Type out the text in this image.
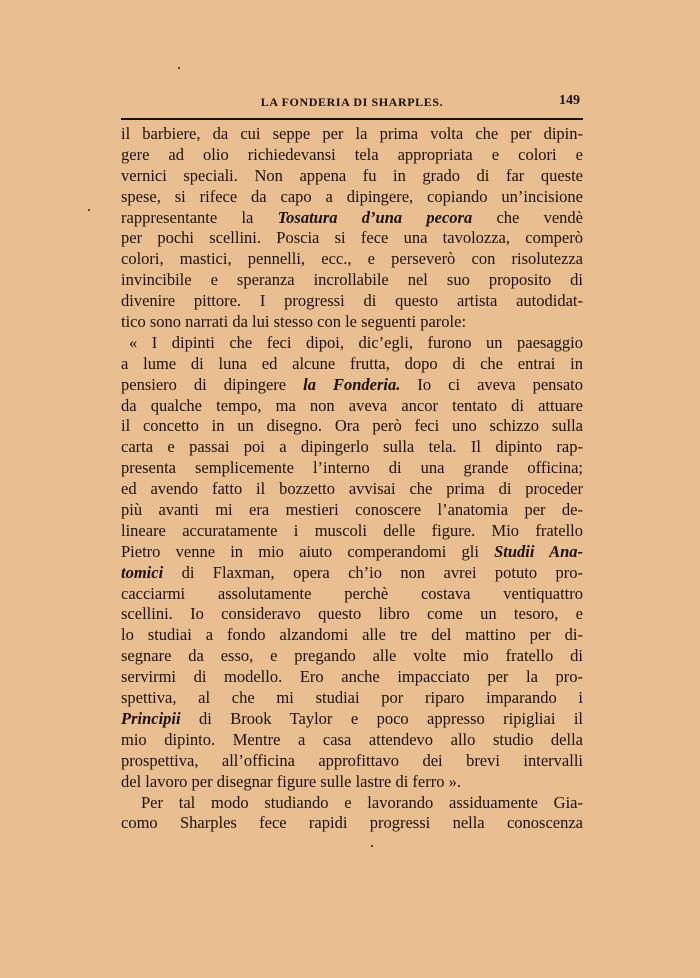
LA FONDERIA DI SHARPLES.	149
il barbiere, da cui seppe per la prima volta che per dipin-
gere ad olio richiedevansi tela appropriata e colori e
vernici speciali. Non appena fu in grado di far queste
spese, si rifece da capo a dipingere, copiando un’incisione
rappresentante la Tosatura d’una pecora che vendè
per pochi scellini. Poscia si fece una tavolozza, comperò
colori, mastici, pennelli, ecc., e perseverò con risolutezza
invincibile e speranza incrollabile nel suo proposito di
divenire pittore. I progressi di questo artista autodidat-
tico sono narrati da lui stesso con le seguenti parole:
« I dipinti che feci dipoi, dic’egli, furono un paesaggio
a lume di luna ed alcune frutta, dopo di che entrai in
pensiero di dipingere la Fonderia. Io ci aveva pensato
da qualche tempo, ma non aveva ancor tentato di attuare
il concetto in un disegno. Ora però feci uno schizzo sulla
carta e passai poi a dipingerlo sulla tela. Il dipinto rap-
presenta semplicemente l’interno di una grande officina;
ed avendo fatto il bozzetto avvisai che prima di proceder
più avanti mi era mestieri conoscere l’anatomia per de-
lineare accuratamente i muscoli delle figure. Mio fratello
Pietro venne in mio aiuto comperandomi gli Studii Ana-
tomici di Flaxman, opera ch’io non avrei potuto pro-
cacciarmi assolutamente perchè costava ventiquattro
scellini. Io consideravo questo libro come un tesoro, e
lo studiai a fondo alzandomi alle tre del mattino per di-
segnare da esso, e pregando alle volte mio fratello di
servirmi di modello. Ero anche impacciato per la pro-
spettiva, al che mi studiai por riparo imparando i
Principii di Brook Taylor e poco appresso ripigliai il
mio dipinto. Mentre a casa attendevo allo studio della
prospettiva, all’officina approfittavo dei brevi intervalli
del lavoro per disegnar figure sulle lastre di ferro ».
Per tal modo studiando e lavorando assiduamente Gia-
como Sharples fece rapidi progressi nella conoscenza
